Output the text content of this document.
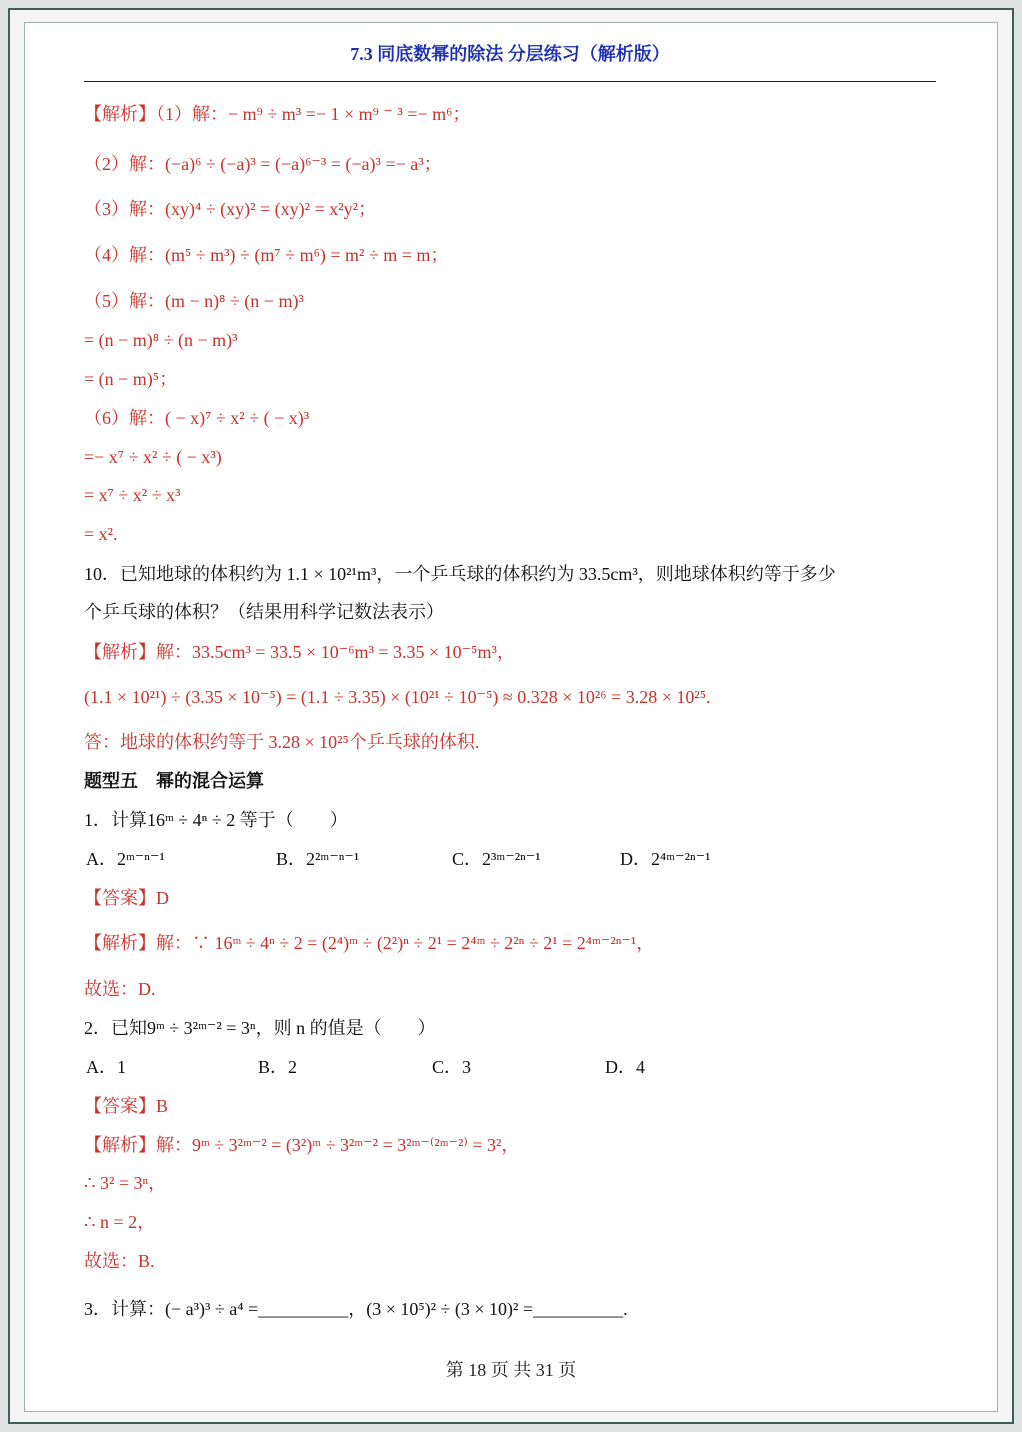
7.3 同底数幂的除法 分层练习（解析版）
【解析】（1）解：− m⁹ ÷ m³ =− 1 × m⁹ ⁻ ³ =− m⁶；
（2）解：(−a)⁶ ÷ (−a)³ = (−a)⁶⁻³ = (−a)³ =− a³；
（3）解：(xy)⁴ ÷ (xy)² = (xy)² = x²y²；
（4）解：(m⁵ ÷ m³) ÷ (m⁷ ÷ m⁶) = m² ÷ m = m；
（5）解：(m − n)⁸ ÷ (n − m)³
= (n − m)⁸ ÷ (n − m)³
= (n − m)⁵；
（6）解：( − x)⁷ ÷ x² ÷ ( − x)³
=− x⁷ ÷ x² ÷ ( − x³)
= x⁷ ÷ x² ÷ x³
= x².
10．已知地球的体积约为 1.1 × 10²¹m³，一个乒乓球的体积约为 33.5cm³，则地球体积约等于多少
个乒乓球的体积？（结果用科学记数法表示）
【解析】解：33.5cm³ = 33.5 × 10⁻⁶m³ = 3.35 × 10⁻⁵m³，
(1.1 × 10²¹) ÷ (3.35 × 10⁻⁵) = (1.1 ÷ 3.35) × (10²¹ ÷ 10⁻⁵) ≈ 0.328 × 10²⁶ = 3.28 × 10²⁵.
答：地球的体积约等于 3.28 × 10²⁵个乒乓球的体积.
题型五　幂的混合运算
1．计算16ᵐ ÷ 4ⁿ ÷ 2 等于（　　）
A．2ᵐ⁻ⁿ⁻¹	B．2²ᵐ⁻ⁿ⁻¹	C．2³ᵐ⁻²ⁿ⁻¹	D．2⁴ᵐ⁻²ⁿ⁻¹
【答案】D
【解析】解：∵ 16ᵐ ÷ 4ⁿ ÷ 2 = (2⁴)ᵐ ÷ (2²)ⁿ ÷ 2¹ = 2⁴ᵐ ÷ 2²ⁿ ÷ 2¹ = 2⁴ᵐ⁻²ⁿ⁻¹，
故选：D.
2．已知9ᵐ ÷ 3²ᵐ⁻² = 3ⁿ，则 n 的值是（　　）
A．1	B．2	C．3	D．4
【答案】B
【解析】解：9ᵐ ÷ 3²ᵐ⁻² = (3²)ᵐ ÷ 3²ᵐ⁻² = 3²ᵐ⁻⁽²ᵐ⁻²⁾ = 3²，
∴ 3² = 3ⁿ，
∴ n = 2，
故选：B.
3．计算：(− a³)³ ÷ a⁴ =__________，(3 × 10⁵)² ÷ (3 × 10)² =__________.
第 18 页 共 31 页
